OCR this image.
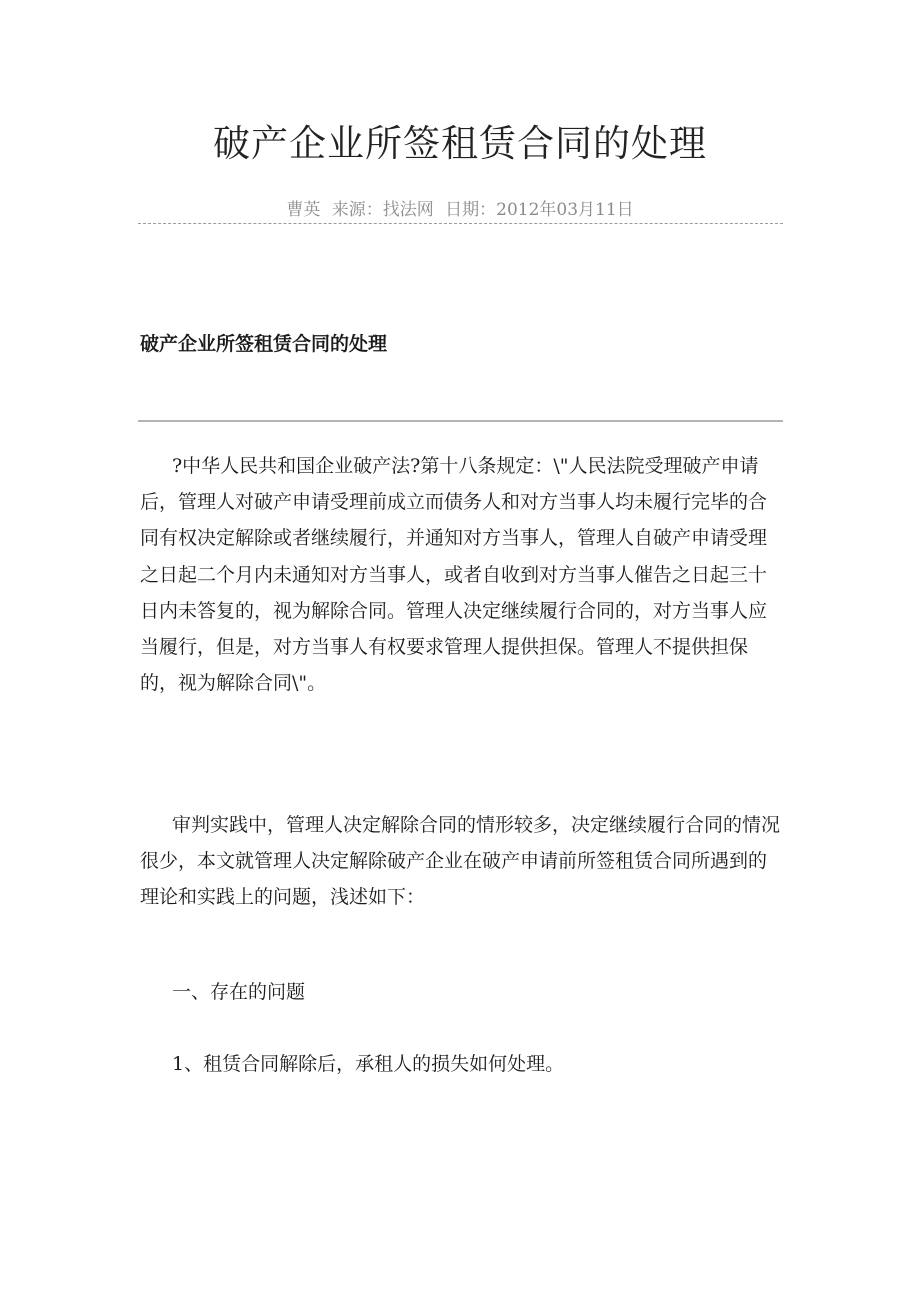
破产企业所签租赁合同的处理
曹英 来源：找法网 日期：2012年03月11日
破产企业所签租赁合同的处理

?中华人民共和国企业破产法?第十八条规定：\"人民法院受理破产申请后，管理人对破产申请受理前成立而债务人和对方当事人均未履行完毕的合同有权决定解除或者继续履行，并通知对方当事人，管理人自破产申请受理之日起二个月内未通知对方当事人，或者自收到对方当事人催告之日起三十日内未答复的，视为解除合同。管理人决定继续履行合同的，对方当事人应当履行，但是，对方当事人有权要求管理人提供担保。管理人不提供担保的，视为解除合同\"。

审判实践中，管理人决定解除合同的情形较多，决定继续履行合同的情况很少，本文就管理人决定解除破产企业在破产申请前所签租赁合同所遇到的理论和实践上的问题，浅述如下：

一、存在的问题

1、租赁合同解除后，承租人的损失如何处理。
